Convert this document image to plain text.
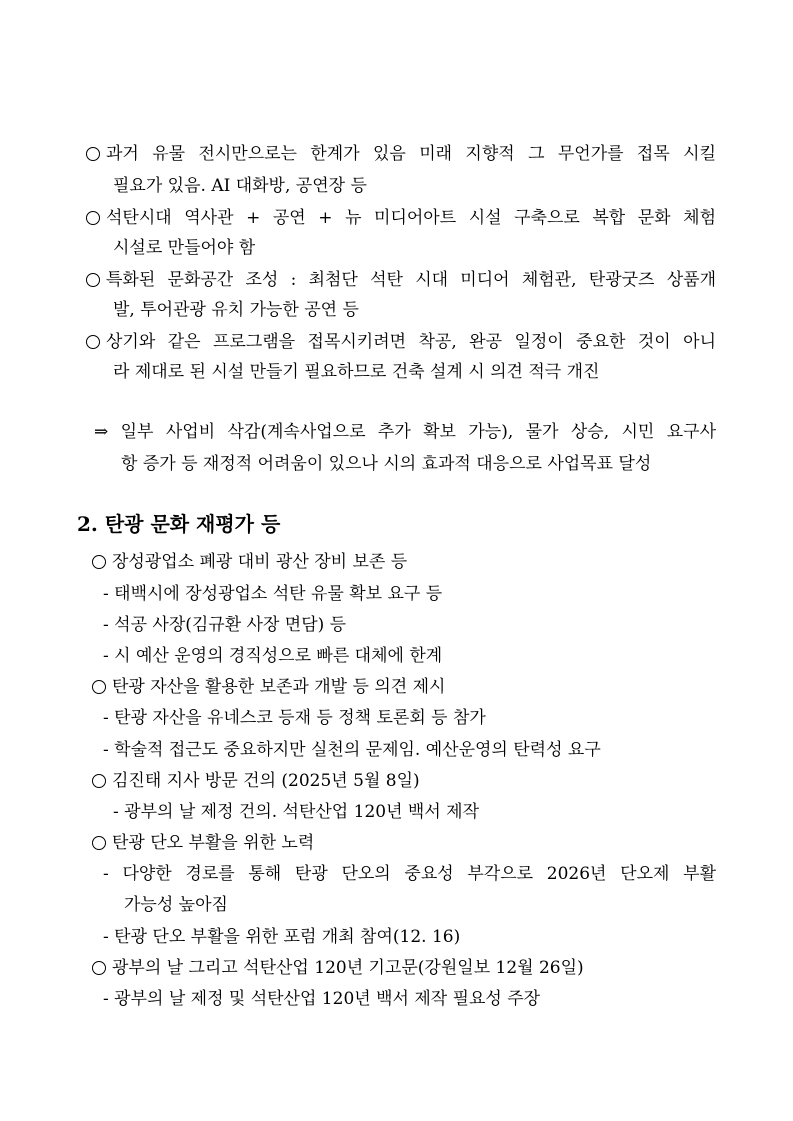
과거 유물 전시만으로는 한계가 있음 미래 지향적 그 무언가를 접목 시킬
필요가 있음. AI 대화방, 공연장 등
석탄시대 역사관 + 공연 + 뉴 미디어아트 시설 구축으로 복합 문화 체험
시설로 만들어야 함
특화된 문화공간 조성 : 최첨단 석탄 시대 미디어 체험관, 탄광굿즈 상품개
발, 투어관광 유치 가능한 공연 등
상기와 같은 프로그램을 접목시키려면 착공, 완공 일정이 중요한 것이 아니
라 제대로 된 시설 만들기 필요하므로 건축 설계 시 의견 적극 개진
⇒ 일부 사업비 삭감(계속사업으로 추가 확보 가능), 물가 상승, 시민 요구사
항 증가 등 재정적 어려움이 있으나 시의 효과적 대응으로 사업목표 달성
2. 탄광 문화 재평가 등
장성광업소 폐광 대비 광산 장비 보존 등
- 태백시에 장성광업소 석탄 유물 확보 요구 등
- 석공 사장(김규환 사장 면담) 등
- 시 예산 운영의 경직성으로 빠른 대체에 한계
탄광 자산을 활용한 보존과 개발 등 의견 제시
- 탄광 자산을 유네스코 등재 등 정책 토론회 등 참가
- 학술적 접근도 중요하지만 실천의 문제임. 예산운영의 탄력성 요구
김진태 지사 방문 건의 (2025년 5월 8일)
- 광부의 날 제정 건의. 석탄산업 120년 백서 제작
탄광 단오 부활을 위한 노력
- 다양한 경로를 통해 탄광 단오의 중요성 부각으로 2026년 단오제 부활
가능성 높아짐
- 탄광 단오 부활을 위한 포럼 개최 참여(12. 16)
광부의 날 그리고 석탄산업 120년 기고문(강원일보 12월 26일)
- 광부의 날 제정 및 석탄산업 120년 백서 제작 필요성 주장
